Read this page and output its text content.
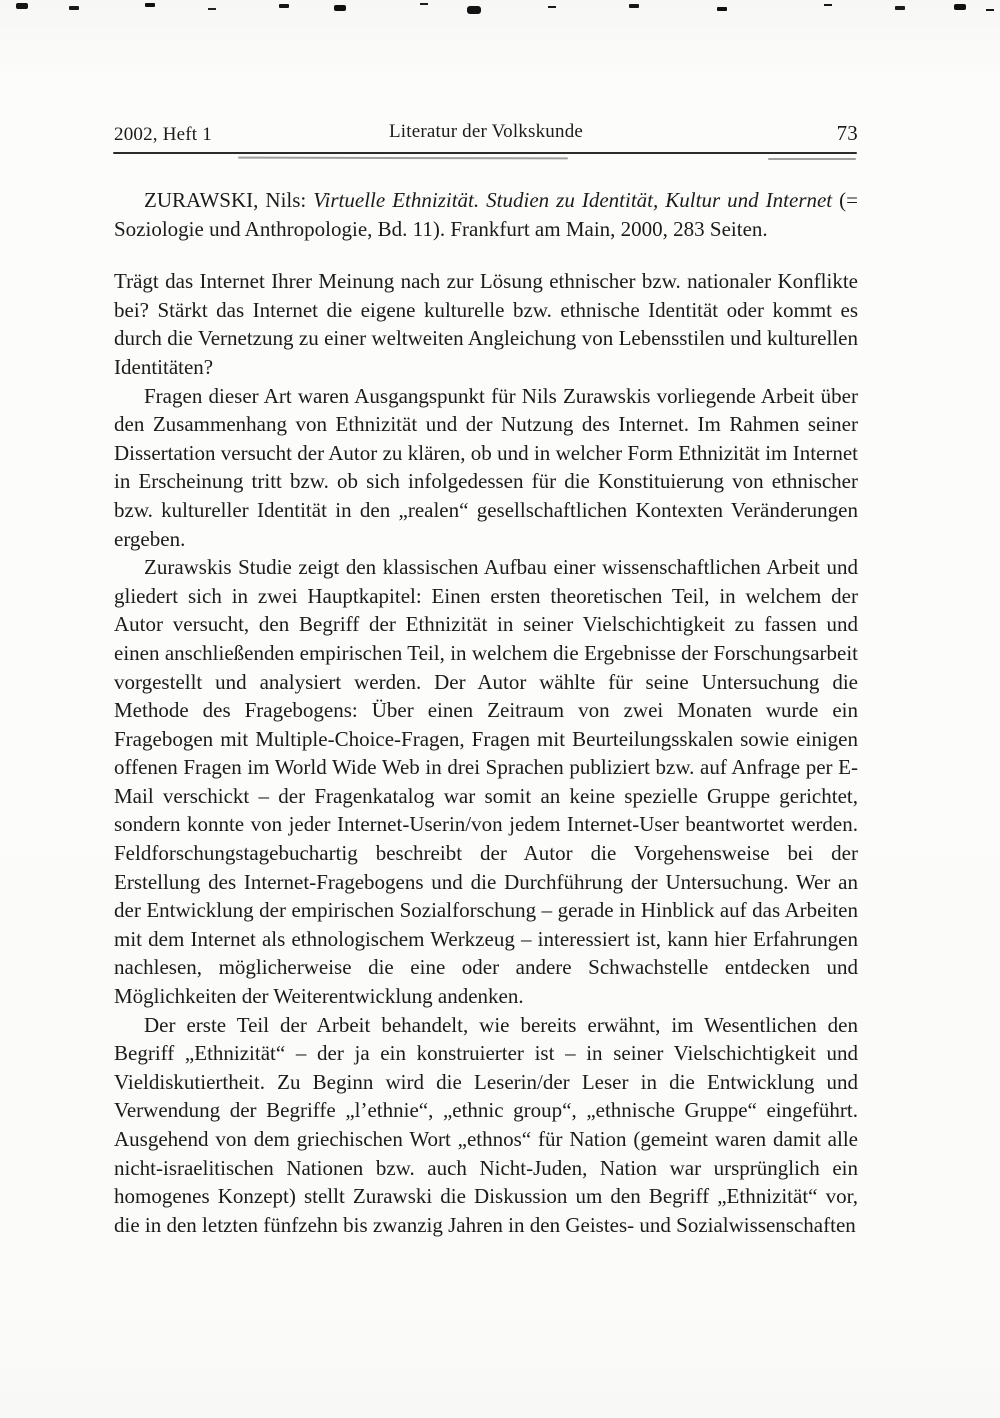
2002, Heft 1	Literatur der Volkskunde	73

ZURAWSKI, Nils: Virtuelle Ethnizität. Studien zu Identität, Kultur und Internet (= Soziologie und Anthropologie, Bd. 11). Frankfurt am Main, 2000, 283 Seiten.

Trägt das Internet Ihrer Meinung nach zur Lösung ethnischer bzw. nationaler Konflikte bei? Stärkt das Internet die eigene kulturelle bzw. ethnische Identität oder kommt es durch die Vernetzung zu einer weltweiten Angleichung von Lebensstilen und kulturellen Identitäten?

Fragen dieser Art waren Ausgangspunkt für Nils Zurawskis vorliegende Arbeit über den Zusammenhang von Ethnizität und der Nutzung des Internet. Im Rahmen seiner Dissertation versucht der Autor zu klären, ob und in welcher Form Ethnizität im Internet in Erscheinung tritt bzw. ob sich infolgedessen für die Konstituierung von ethnischer bzw. kultureller Identität in den „realen“ gesellschaftlichen Kontexten Veränderungen ergeben.

Zurawskis Studie zeigt den klassischen Aufbau einer wissenschaftlichen Arbeit und gliedert sich in zwei Hauptkapitel: Einen ersten theoretischen Teil, in welchem der Autor versucht, den Begriff der Ethnizität in seiner Vielschichtigkeit zu fassen und einen anschließenden empirischen Teil, in welchem die Ergebnisse der Forschungsarbeit vorgestellt und analysiert werden. Der Autor wählte für seine Untersuchung die Methode des Fragebogens: Über einen Zeitraum von zwei Monaten wurde ein Fragebogen mit Multiple-Choice-Fragen, Fragen mit Beurteilungsskalen sowie einigen offenen Fragen im World Wide Web in drei Sprachen publiziert bzw. auf Anfrage per E-Mail verschickt – der Fragenkatalog war somit an keine spezielle Gruppe gerichtet, sondern konnte von jeder Internet-Userin/von jedem Internet-User beantwortet werden. Feldforschungstagebuchartig beschreibt der Autor die Vorgehensweise bei der Erstellung des Internet-Fragebogens und die Durchführung der Untersuchung. Wer an der Entwicklung der empirischen Sozialforschung – gerade in Hinblick auf das Arbeiten mit dem Internet als ethnologischem Werkzeug – interessiert ist, kann hier Erfahrungen nachlesen, möglicherweise die eine oder andere Schwachstelle entdecken und Möglichkeiten der Weiterentwicklung andenken.

Der erste Teil der Arbeit behandelt, wie bereits erwähnt, im Wesentlichen den Begriff „Ethnizität“ – der ja ein konstruierter ist – in seiner Vielschichtigkeit und Vieldiskutiertheit. Zu Beginn wird die Leserin/der Leser in die Entwicklung und Verwendung der Begriffe „l’ethnie“, „ethnic group“, „ethnische Gruppe“ eingeführt. Ausgehend von dem griechischen Wort „ethnos“ für Nation (gemeint waren damit alle nicht-israelitischen Nationen bzw. auch Nicht-Juden, Nation war ursprünglich ein homogenes Konzept) stellt Zurawski die Diskussion um den Begriff „Ethnizität“ vor, die in den letzten fünfzehn bis zwanzig Jahren in den Geistes- und Sozialwissenschaften
